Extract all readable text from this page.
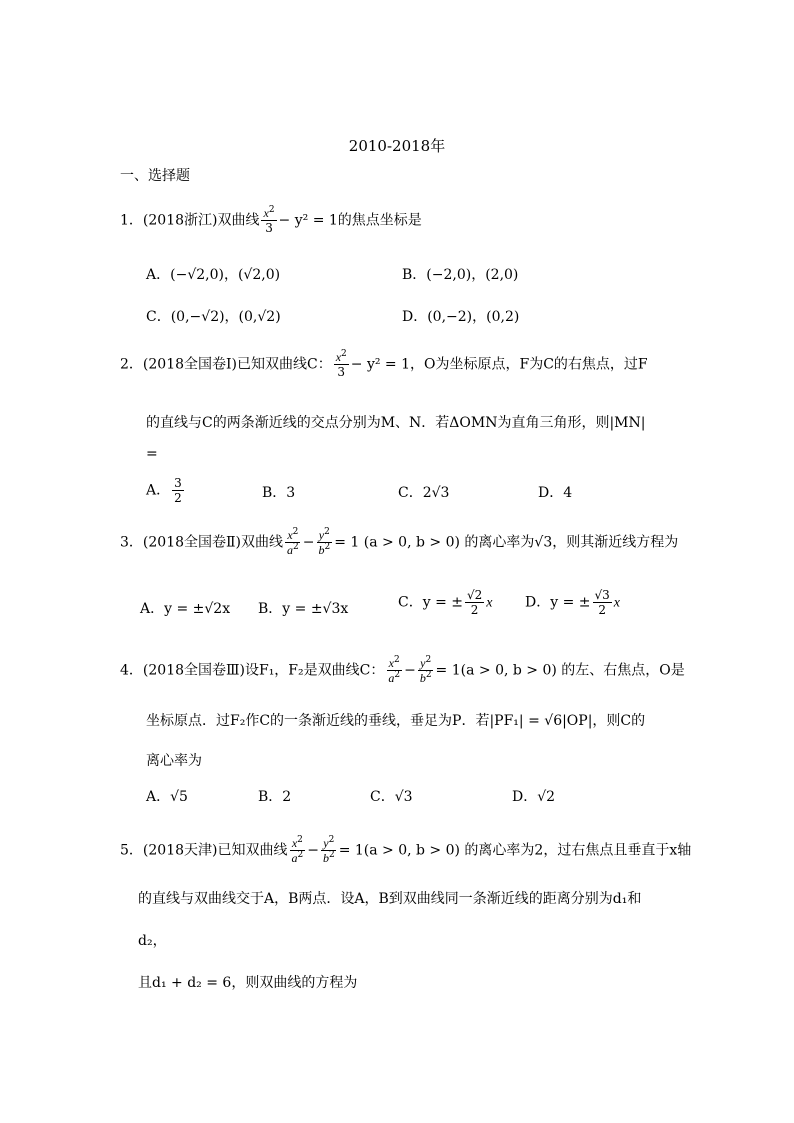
2010-2018年
一、选择题
1．(2018浙江)双曲线 $\frac{x^2}{3} - y^2 = 1$的焦点坐标是
A．(−√2,0)，(√2,0)	B．(−2,0)，(2,0)
C．(0,−√2)，(0,√2)	D．(0,−2)，(0,2)
2．(2018全国卷Ⅰ)已知双曲线C： $\frac{x^2}{3} - y^2 = 1$，O为坐标原点，F为C的右焦点，过F
的直线与C的两条渐近线的交点分别为M、N．若ΔOMN为直角三角形，则|MN|
=
A． $\frac{3}{2}$	B．3	C．2√3	D．4
3．(2018全国卷Ⅱ)双曲线 $\frac{x^2}{a^2} - \frac{y^2}{b^2} = 1$ (a > 0, b > 0) 的离心率为√3，则其渐近线方程为
A．y = ±√2x B．y = ±√3x	C．y = ± $\frac{√2}{2}$ x D．y = ± $\frac{√3}{2}$ x
4．(2018全国卷Ⅲ)设F₁，F₂是双曲线C： $\frac{x^2}{a^2} - \frac{y^2}{b^2} = 1(a > 0$, b > 0) 的左、右焦点，O是
坐标原点．过F₂作C的一条渐近线的垂线，垂足为P．若|PF₁| = √6|OP|，则C的
离心率为
A．√5	B．2	C．√3	D．√2
5．(2018天津)已知双曲线 $\frac{x^2}{a^2} - \frac{y^2}{b^2} = 1(a > 0$, b > 0) 的离心率为2，过右焦点且垂直于x轴
的直线与双曲线交于A，B两点．设A，B到双曲线同一条渐近线的距离分别为d₁和
d₂，
且d₁ + d₂ = 6，则双曲线的方程为
